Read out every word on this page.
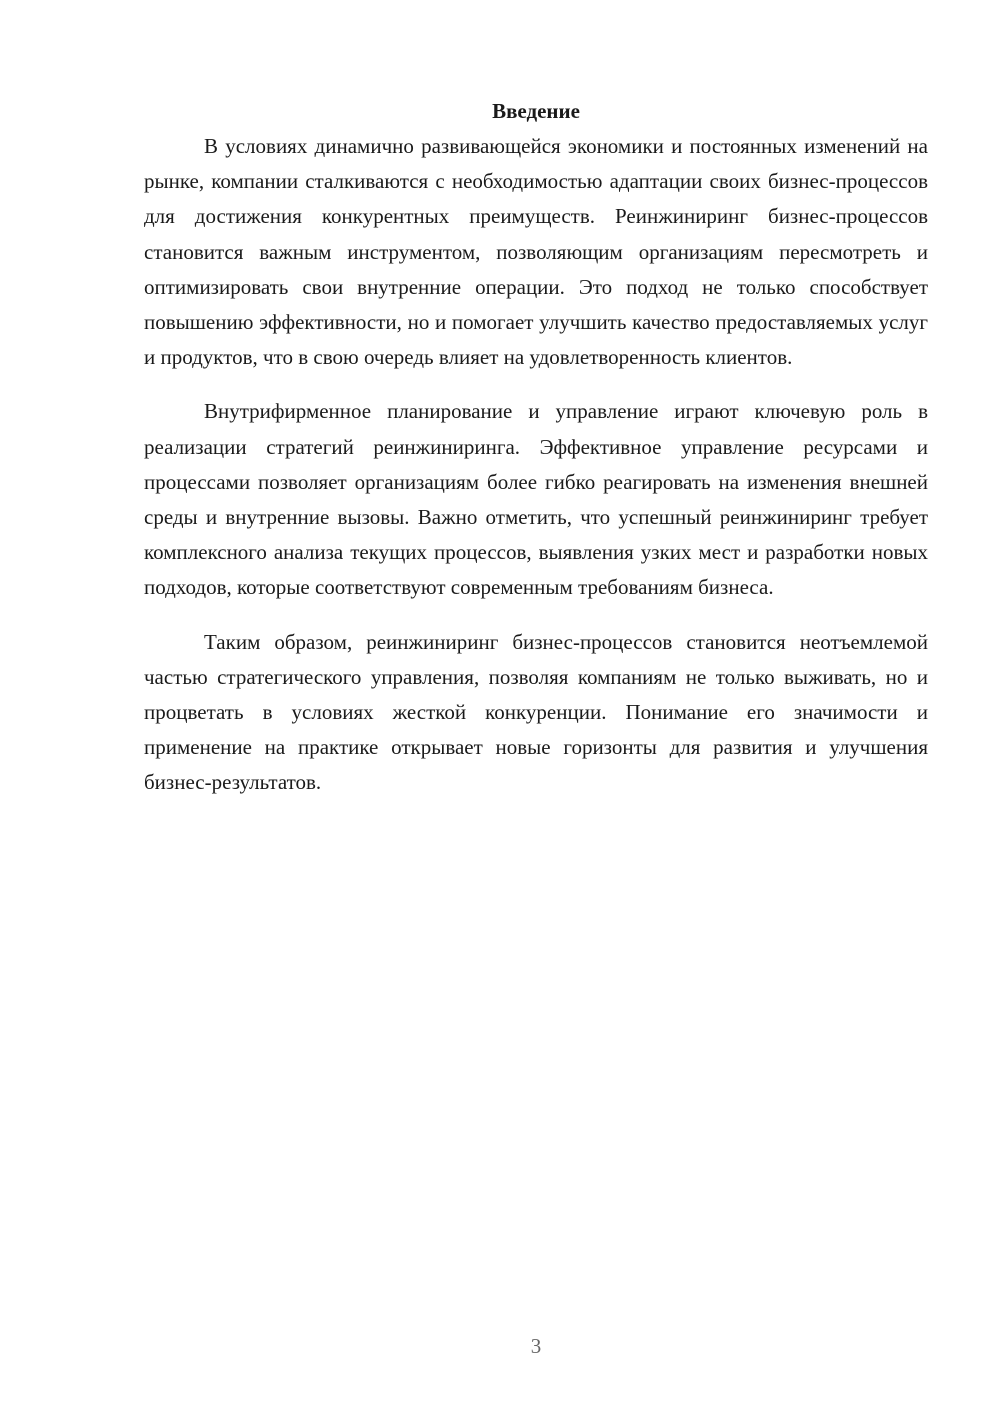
Введение

В условиях динамично развивающейся экономики и постоянных изменений на рынке, компании сталкиваются с необходимостью адаптации своих бизнес-процессов для достижения конкурентных преимуществ. Реинжиниринг бизнес-процессов становится важным инструментом, позволяющим организациям пересмотреть и оптимизировать свои внутренние операции. Это подход не только способствует повышению эффективности, но и помогает улучшить качество предоставляемых услуг и продуктов, что в свою очередь влияет на удовлетворенность клиентов.

Внутрифирменное планирование и управление играют ключевую роль в реализации стратегий реинжиниринга. Эффективное управление ресурсами и процессами позволяет организациям более гибко реагировать на изменения внешней среды и внутренние вызовы. Важно отметить, что успешный реинжиниринг требует комплексного анализа текущих процессов, выявления узких мест и разработки новых подходов, которые соответствуют современным требованиям бизнеса.

Таким образом, реинжиниринг бизнес-процессов становится неотъемлемой частью стратегического управления, позволяя компаниям не только выживать, но и процветать в условиях жесткой конкуренции. Понимание его значимости и применение на практике открывает новые горизонты для развития и улучшения бизнес-результатов.

3
